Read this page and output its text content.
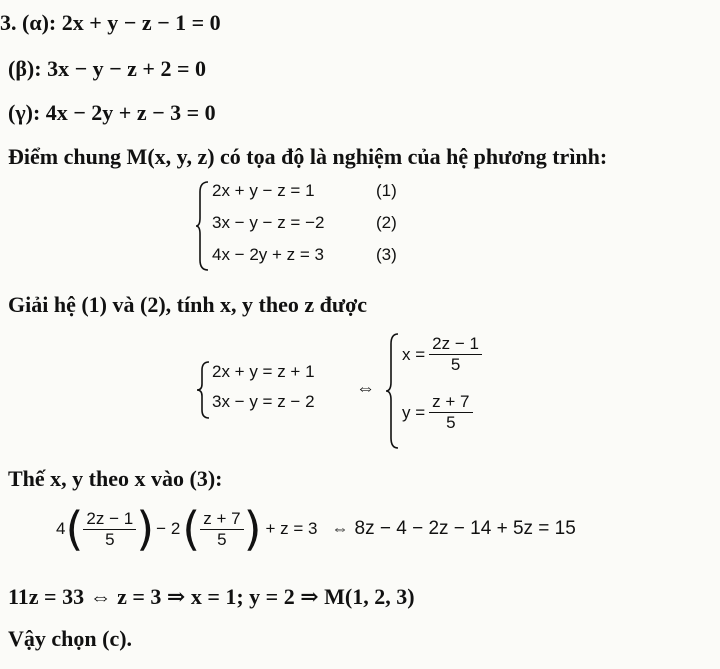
3. (α): 2x + y − z − 1 = 0
(β): 3x − y − z + 2 = 0
(γ): 4x − 2y + z − 3 = 0
Điểm chung M(x, y, z) có tọa độ là nghiệm của hệ phương trình:
2x + y − z = 1
3x − y − z = −2
4x − 2y + z = 3
(1)
(2)
(3)
Giải hệ (1) và (2), tính x, y theo z được
2x + y = z + 1
3x − y = z − 2
⇔
$x = \frac{2z - 1}{5}$
$y = \frac{z + 7}{5}$
Thế x, y theo x vào (3):
4 ( $\frac{2z - 1}{5}$ ) − 2 ( $\frac{z + 7}{5}$ ) + z = 3 ⇔ 8z − 4 − 2z − 14 + 5z = 15
11z = 33 ⇔ z = 3 ⇒ x = 1; y = 2 ⇒ M(1, 2, 3)
Vậy chọn (c).
